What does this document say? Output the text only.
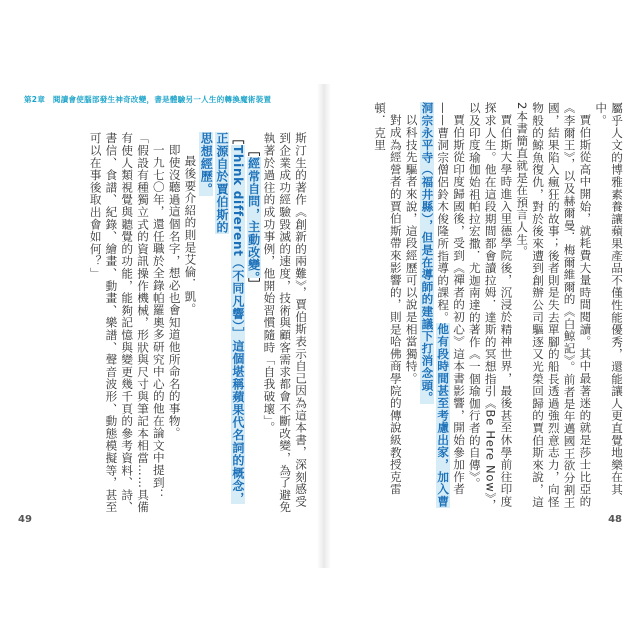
第2章　閱讀會使腦部發生神奇改變，書是體驗另一人生的轉換魔術裝置

斯汀生的著作《創新的兩難》，賈伯斯表示自己因為這本書，深刻感受到企業成功經驗毀滅的速度，技術與顧客需求都會不斷改變，為了避免執著於過往的成功事例，他開始習慣隨時「自我破壞」。

［經常自問，主動改變。］

［Think different（不同凡響）］這個堪稱蘋果代名詞的概念，正源自於賈伯斯的

思想經歷。

最後要介紹的則是艾倫．凱。

即使沒聽過這個名字，想必也會知道他所命名的事物。

一九七〇年，還任職於全錄帕羅奧多研究中心的他在論文中提到：

「假設有種獨立式的資訊操作機械，形狀與尺寸與筆記本相當……具備有使人類視覺與聽覺的功能，能夠記憶與變更幾千頁的參考資料、詩、書信、食譜、紀錄、繪畫、動畫、樂譜、聲音波形、動態模擬等，甚至可以在事後取出會如何？」

49

屬乎人文的博雅素養讓蘋果產品不僅性能優秀，還能讓人更直覺地樂在其中。

賈伯斯從高中開始，就耗費大量時間閱讀。其中最著迷的就是莎士比亞的《李爾王》，以及赫爾曼．梅爾維爾的《白鯨記》。前者是年邁國王欲分割王國，結果陷入瘋狂的故事；後者則是失去單腳的船長透過強烈意志力，向怪物般的鯨魚復仇，對於後來遭到創辦公司驅逐又光榮回歸的賈伯斯來說，這2本書簡直就是在預言人生。

賈伯斯大學時進入里德學院後，沉浸於精神世界，最後甚至休學前往印度探求人生。他在這段期間都會讀拉姆．達斯的冥想指引《Be Here Now》，以及印度瑜伽始祖帕拉宏撒．尤迦南達的著作《一個瑜伽行者的自傳》。

賈伯斯從印度歸國後，受到《禪者的初心》這本書影響，開始參加作者——曹洞宗僧侶鈴木俊隆所指導的課程。他有段時間甚至考慮出家，加入曹洞宗永平寺（福井縣），但是在導師的建議下打消念頭。

以科技先驅者來說，這段經歷可以說是相當獨特。

對成為經營者的賈伯斯帶來影響的，則是哈佛商學院的傳說級教授克雷頓．克里

48
